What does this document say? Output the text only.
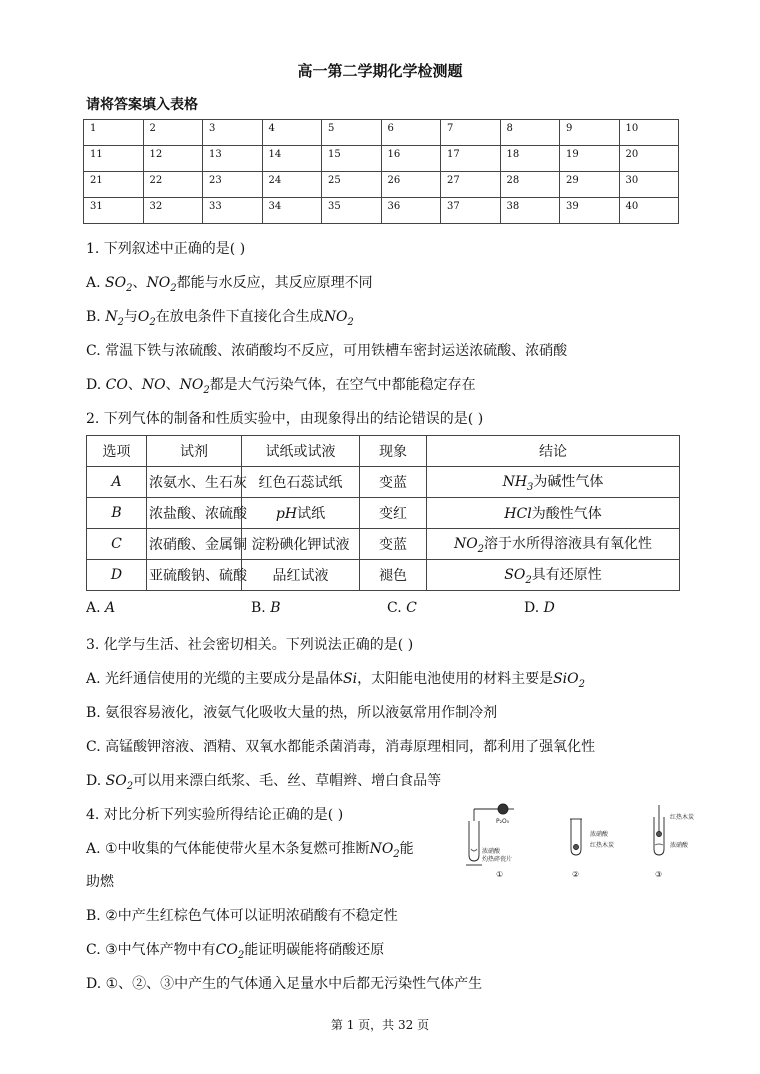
高一第二学期化学检测题
请将答案填入表格
1	2	3	4	5	6	7	8	9	10
11	12	13	14	15	16	17	18	19	20
21	22	23	24	25	26	27	28	29	30
31	32	33	34	35	36	37	38	39	40
1. 下列叙述中正确的是( )
A. $SO_2$、$NO_2$都能与水反应，其反应原理不同
B. $N_2$与$O_2$在放电条件下直接化合生成$NO_2$
C. 常温下铁与浓硫酸、浓硝酸均不反应，可用铁槽车密封运送浓硫酸、浓硝酸
D. CO、NO、$NO_2$都是大气污染气体，在空气中都能稳定存在
2. 下列气体的制备和性质实验中，由现象得出的结论错误的是( )
选项	试剂	试纸或试液	现象	结论
A	浓氨水、生石灰	红色石蕊试纸	变蓝	$NH_3$为碱性气体
B	浓盐酸、浓硫酸	pH试纸	变红	HCl为酸性气体
C	浓硝酸、金属铜	淀粉碘化钾试液	变蓝	$NO_2$溶于水所得溶液具有氧化性
D	亚硫酸钠、硫酸	品红试液	褪色	$SO_2$具有还原性
A. A	B. B	C. C	D. D
3. 化学与生活、社会密切相关。下列说法正确的是( )
A. 光纤通信使用的光缆的主要成分是晶体Si，太阳能电池使用的材料主要是SiO$_2$
B. 氨很容易液化，液氨气化吸收大量的热，所以液氨常用作制冷剂
C. 高锰酸钾溶液、酒精、双氧水都能杀菌消毒，消毒原理相同，都利用了强氧化性
D. $SO_2$可以用来漂白纸浆、毛、丝、草帽辫、增白食品等
4. 对比分析下列实验所得结论正确的是( )
A. ①中收集的气体能使带火星木条复燃可推断$NO_2$能
助燃
B. ②中产生红棕色气体可以证明浓硝酸有不稳定性
C. ③中气体产物中有$CO_2$能证明碳能将硝酸还原
D. ①、②、③中产生的气体通入足量水中后都无污染性气体产生
P₂O₅
浓硝酸
灼热碎瓷片
①
浓硝酸
红热木炭
②
红热木炭
浓硝酸
③
第 1 页，共 32 页
